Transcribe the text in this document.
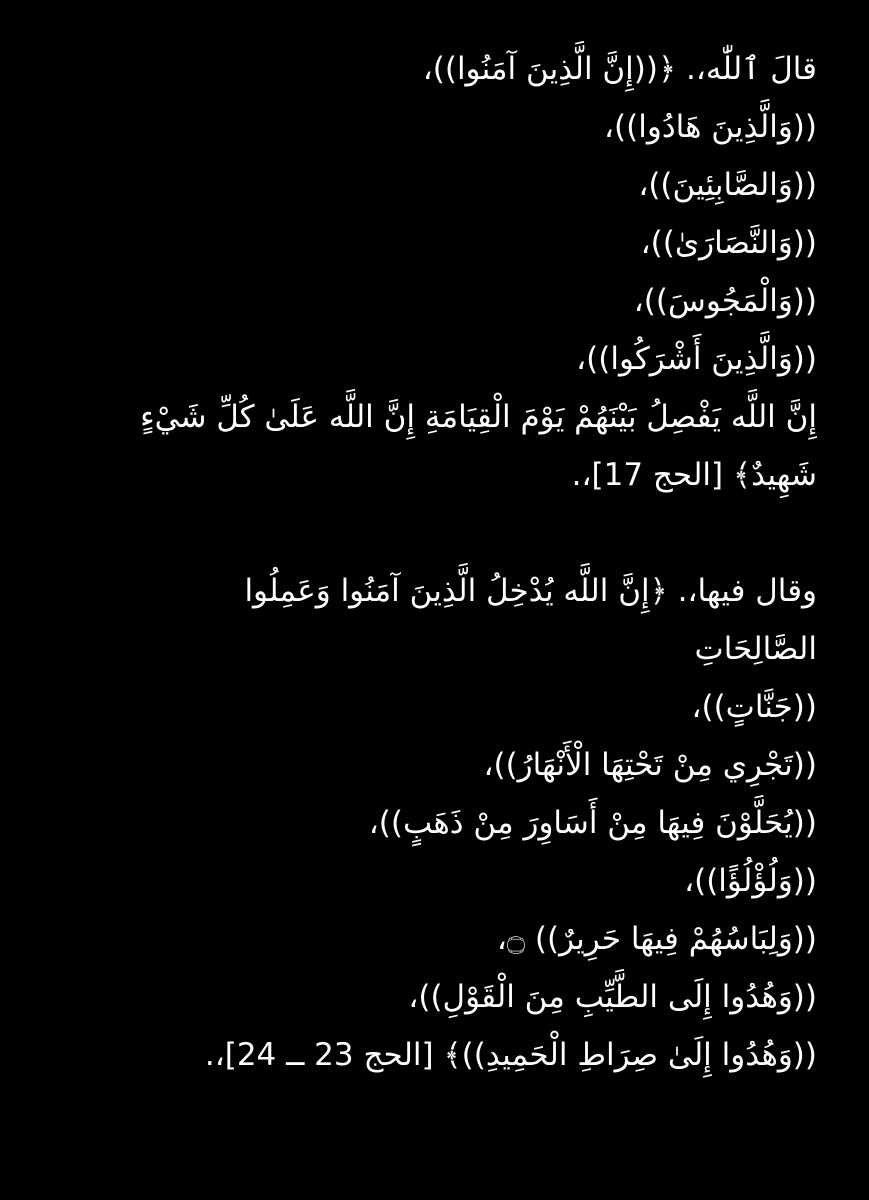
قالَ ٱللّٰه،. ﴿((إِنَّ الَّذِينَ آمَنُوا))،
((وَالَّذِينَ هَادُوا))،
((وَالصَّابِئِينَ))،
((وَالنَّصَارَىٰ))،
((وَالْمَجُوسَ))،
((وَالَّذِينَ أَشْرَكُوا))،
إِنَّ اللَّه يَفْصِلُ بَيْنَهُمْ يَوْمَ الْقِيَامَةِ إِنَّ اللَّه عَلَىٰ كُلِّ شَيْءٍ
شَهِيدٌ﴾ [الحج 17]،.
وقال فيها،. ﴿إِنَّ اللَّه يُدْخِلُ الَّذِينَ آمَنُوا وَعَمِلُوا
الصَّالِحَاتِ
((جَنَّاتٍ))،
((تَجْرِي مِنْ تَحْتِهَا الْأَنْهَارُ))،
((يُحَلَّوْنَ فِيهَا مِنْ أَسَاوِرَ مِنْ ذَهَبٍ))،
((وَلُؤْلُؤًا))،
((وَلِبَاسُهُمْ فِيهَا حَرِيرٌ)) ۝،
((وَهُدُوا إِلَى الطَّيِّبِ مِنَ الْقَوْلِ))،
((وَهُدُوا إِلَىٰ صِرَاطِ الْحَمِيدِ))﴾ [الحج 23 ــ 24]،.
